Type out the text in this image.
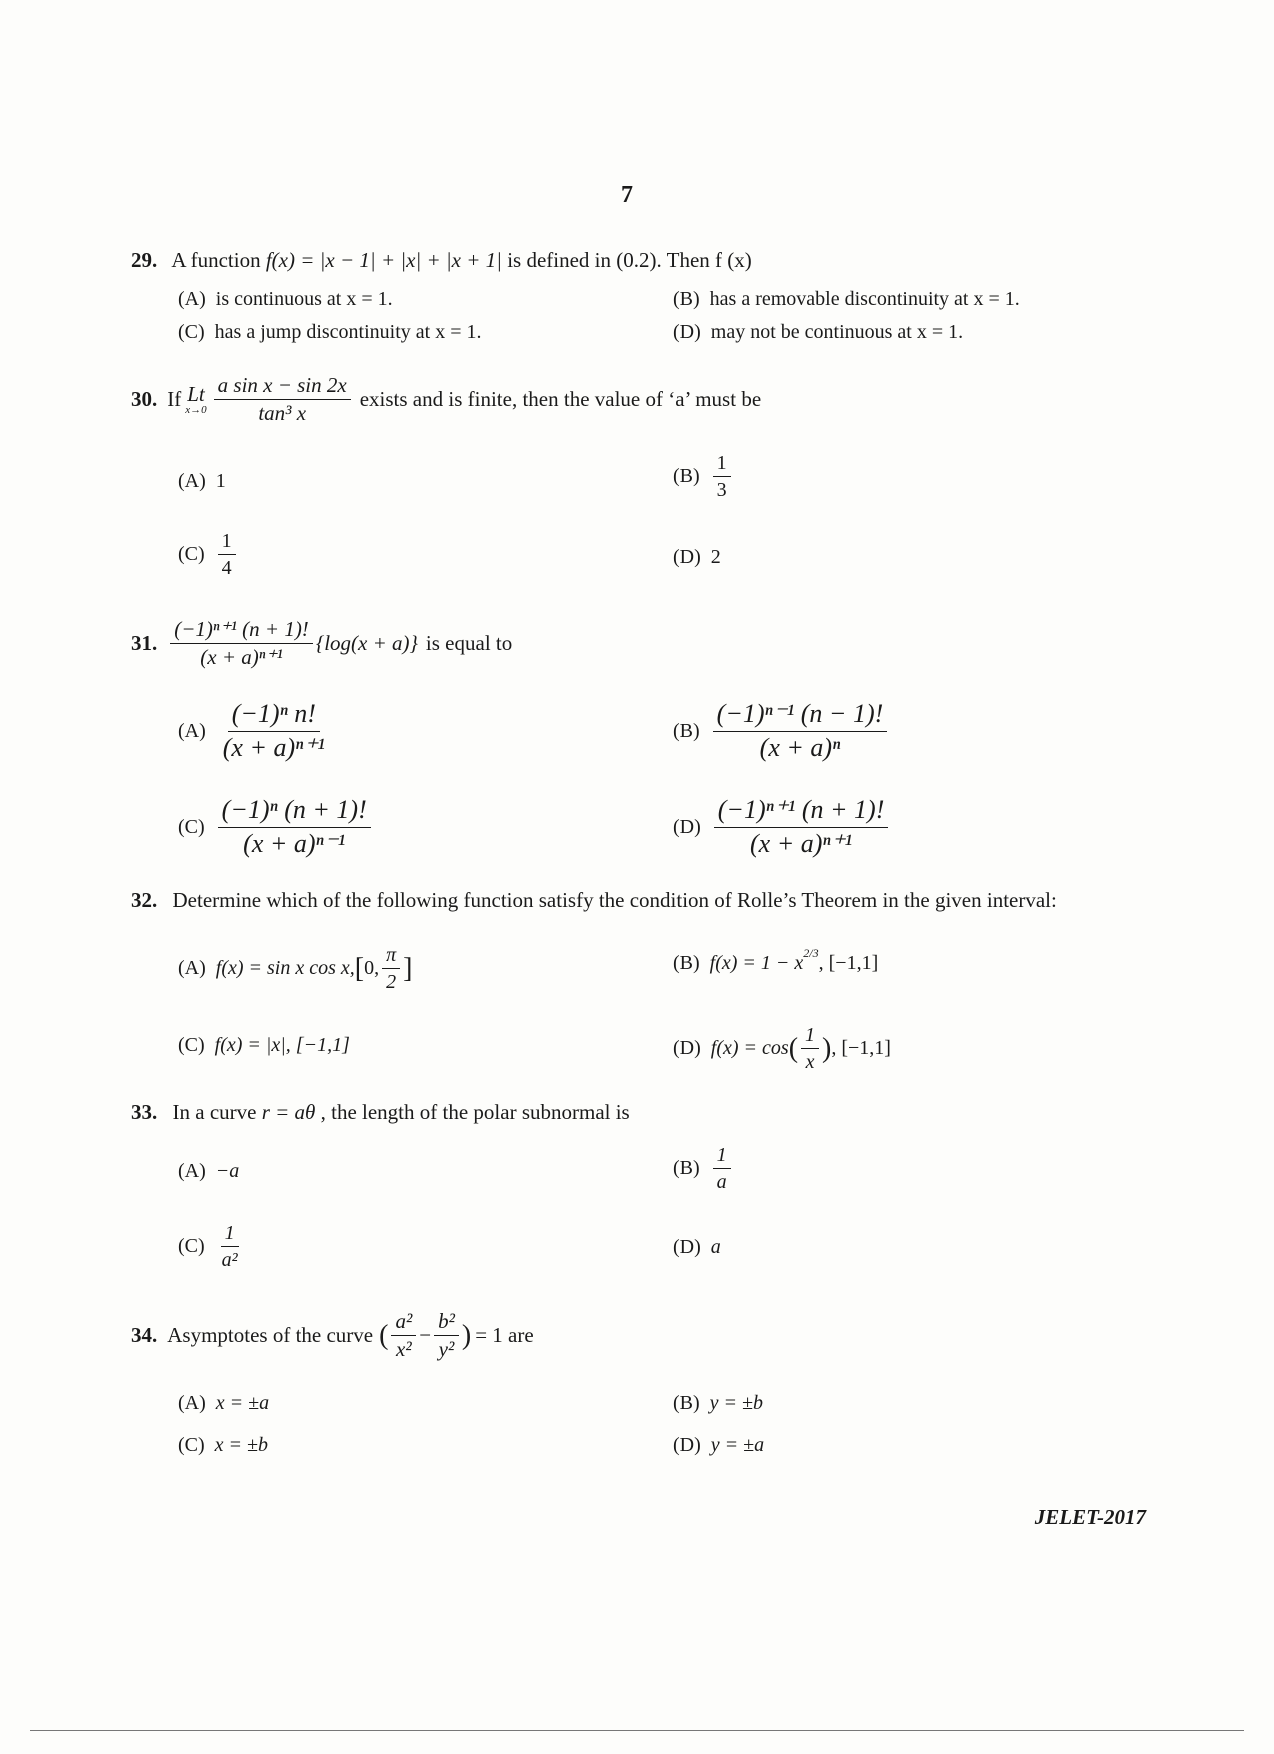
7
29. A function f(x) = |x − 1| + |x| + |x + 1| is defined in (0.2). Then f (x)
(A) is continuous at x = 1.	(B) has a removable discontinuity at x = 1.
(C) has a jump discontinuity at x = 1.	(D) may not be continuous at x = 1.
30. If Lt
$x\to 0 \frac{\text{a sin x − sin 2x}}{\text{tan³ x}}$ exists and is finite, then the value of ‘a’ must be
(A) 1	$(B) \frac{1}{3}$
$(C) \frac{1}{4}$	(D) 2
31. $\frac{\text{(−1)ⁿ⁺¹ (n + 1)!}}{\text{(x + a)ⁿ⁺¹}} \{\log(x + a)\}$ is equal to
$(A) \frac{\text{(−1)ⁿ n!}}{\text{(x + a)ⁿ⁺¹}}$	$(B) \frac{\text{(−1)ⁿ⁻¹ (n − 1)!}}{\text{(x + a)ⁿ}}$
$(C) \frac{\text{(−1)ⁿ (n + 1)!}}{\text{(x + a)ⁿ⁻¹}}$	$(D) \frac{\text{(−1)ⁿ⁺¹ (n + 1)!}}{\text{(x + a)ⁿ⁺¹}}$
32. Determine which of the following function satisfy the condition of Rolle’s Theorem in the given interval:
(A) f(x) = sin x cos x, [ 0, $\frac{\pi}{2}$ ]	(B) $f(x) = 1 - x^{2/3}$ , [−1,1]
(C) f(x) = |x|, [−1,1]	(D) f(x) = cos ( $\frac{1}{x}$ ) , [−1,1]
33. In a curve r = aθ , the length of the polar subnormal is
(A) −a	$(B) \frac{1}{a}$
$(C) \frac{1}{\text{a²}}$	(D) a
34. Asymptotes of the curve ( $\frac{\text{a²}}{\text{x²}} - \frac{\text{b²}}{\text{y²}}$ ) = 1 are
(A) x = ±a	(B) y = ±b
(C) x = ±b	(D) y = ±a
JELET-2017
